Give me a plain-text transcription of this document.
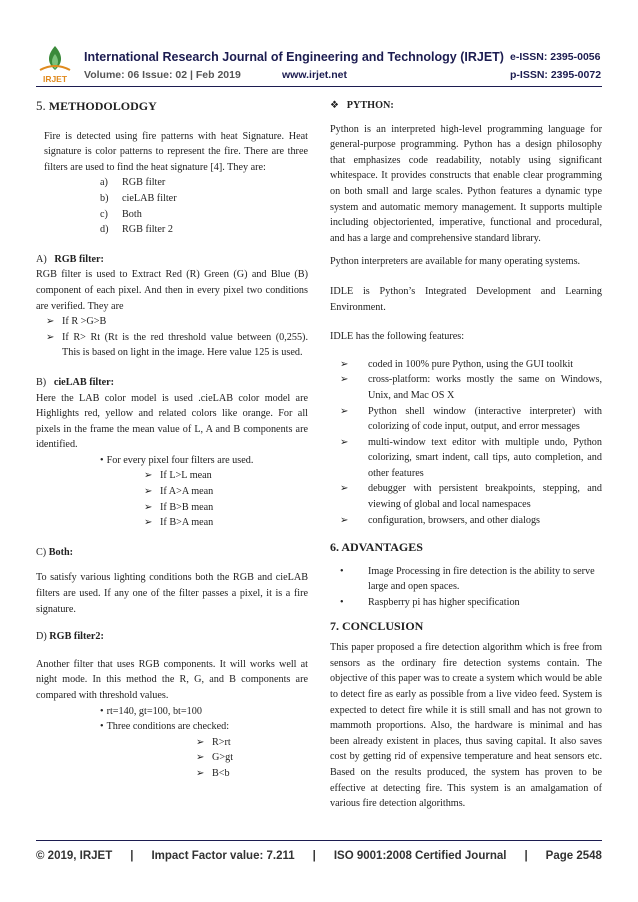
IRJET
International Research Journal of Engineering and Technology (IRJET) e-ISSN: 2395-0056
Volume: 06 Issue: 02 | Feb 2019	www.irjet.net	p-ISSN: 2395-0072
5. METHODOLODGY

Fire is detected using fire patterns with heat Signature. Heat signature is color patterns to represent the fire. There are three filters are used to find the heat signature [4]. They are:

a) RGB filter
b) cieLAB filter
c) Both
d) RGB filter 2
A) RGB filter:

RGB filter is used to Extract Red (R) Green (G) and Blue (B) component of each pixel. And then in every pixel two conditions are verified. They are

➢ If R >G>B
➢ If R> Rt (Rt is the red threshold value between (0,255). This is based on light in the image. Here value 125 is used.
B) cieLAB filter:

Here the LAB color model is used .cieLAB color model are Highlights red, yellow and related colors like orange. For all pixels in the frame the mean value of L, A and B components are identified.

• For every pixel four filters are used.
➢ If L>L mean
➢ If A>A mean
➢ If B>B mean
➢ If B>A mean
C) Both:

To satisfy various lighting conditions both the RGB and cieLAB filters are used. If any one of the filter passes a pixel, it is a fire signature.

D) RGB filter2:

Another filter that uses RGB components. It will works well at night mode. In this method the R, G, and B components are compared with threshold values.

• rt=140, gt=100, bt=100
• Three conditions are checked:
➢ R>rt
➢ G>gt
➢ B<b
❖ PYTHON:

Python is an interpreted high-level programming language for general-purpose programming. Python has a design philosophy that emphasizes code readability, notably using significant whitespace. It provides constructs that enable clear programming on both small and large scales. Python features a dynamic type system and automatic memory management. It supports multiple including objectoriented, imperative, functional and procedural, and has a large and comprehensive standard library.

Python interpreters are available for many operating systems.

IDLE is Python’s Integrated Development and Learning Environment.

IDLE has the following features:

➢ coded in 100% pure Python, using the GUI toolkit
➢ cross-platform: works mostly the same on Windows, Unix, and Mac OS X
➢ Python shell window (interactive interpreter) with colorizing of code input, output, and error messages
➢ multi-window text editor with multiple undo, Python colorizing, smart indent, call tips, auto completion, and other features
➢ debugger with persistent breakpoints, stepping, and viewing of global and local namespaces
➢ configuration, browsers, and other dialogs
6. ADVANTAGES
• Image Processing in fire detection is the ability to serve large and open spaces.
• Raspberry pi has higher specification
7. CONCLUSION

This paper proposed a fire detection algorithm which is free from sensors as the ordinary fire detection systems contain. The objective of this paper was to create a system which would be able to detect fire as early as possible from a live video feed. System is expected to detect fire while it is still small and has not grown to mammoth proportions. Also, the hardware is minimal and has been already existent in places, thus saving capital. It also saves cost by getting rid of expensive temperature and heat sensors etc. Based on the results produced, the system has proven to be effective at detecting fire. This system is an amalgamation of various fire detection algorithms.

© 2019, IRJET | Impact Factor value: 7.211 | ISO 9001:2008 Certified Journal | Page 2548
